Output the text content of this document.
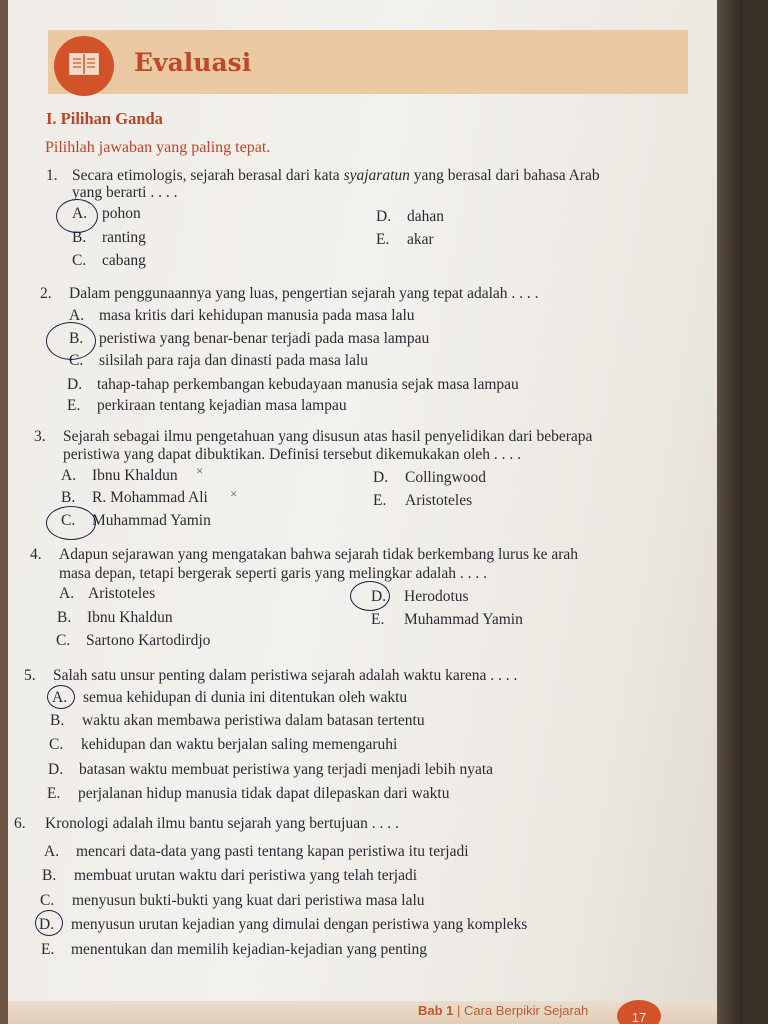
Evaluasi
I. Pilihan Ganda
Pilihlah jawaban yang paling tepat.
1. Secara etimologis, sejarah berasal dari kata syajaratun yang berasal dari bahasa Arab
yang berarti . . . .
A. pohon
B. ranting
C. cabang
D. dahan
E. akar
2. Dalam penggunaannya yang luas, pengertian sejarah yang tepat adalah . . . .
A. masa kritis dari kehidupan manusia pada masa lalu
B. peristiwa yang benar-benar terjadi pada masa lampau
C. silsilah para raja dan dinasti pada masa lalu
D. tahap-tahap perkembangan kebudayaan manusia sejak masa lampau
E. perkiraan tentang kejadian masa lampau
3. Sejarah sebagai ilmu pengetahuan yang disusun atas hasil penyelidikan dari beberapa
peristiwa yang dapat dibuktikan. Definisi tersebut dikemukakan oleh . . . .
A. Ibnu Khaldun ×
B. R. Mohammad Ali ×
C. Muhammad Yamin
D. Collingwood
E. Aristoteles
4. Adapun sejarawan yang mengatakan bahwa sejarah tidak berkembang lurus ke arah
masa depan, tetapi bergerak seperti garis yang melingkar adalah . . . .
A. Aristoteles
B. Ibnu Khaldun
C. Sartono Kartodirdjo
D. Herodotus
E. Muhammad Yamin
5. Salah satu unsur penting dalam peristiwa sejarah adalah waktu karena . . . .
A. semua kehidupan di dunia ini ditentukan oleh waktu
B. waktu akan membawa peristiwa dalam batasan tertentu
C. kehidupan dan waktu berjalan saling memengaruhi
D. batasan waktu membuat peristiwa yang terjadi menjadi lebih nyata
E. perjalanan hidup manusia tidak dapat dilepaskan dari waktu
6. Kronologi adalah ilmu bantu sejarah yang bertujuan . . . .
A. mencari data-data yang pasti tentang kapan peristiwa itu terjadi
B. membuat urutan waktu dari peristiwa yang telah terjadi
C. menyusun bukti-bukti yang kuat dari peristiwa masa lalu
D. menyusun urutan kejadian yang dimulai dengan peristiwa yang kompleks
E. menentukan dan memilih kejadian-kejadian yang penting
Bab 1 | Cara Berpikir Sejarah	17
